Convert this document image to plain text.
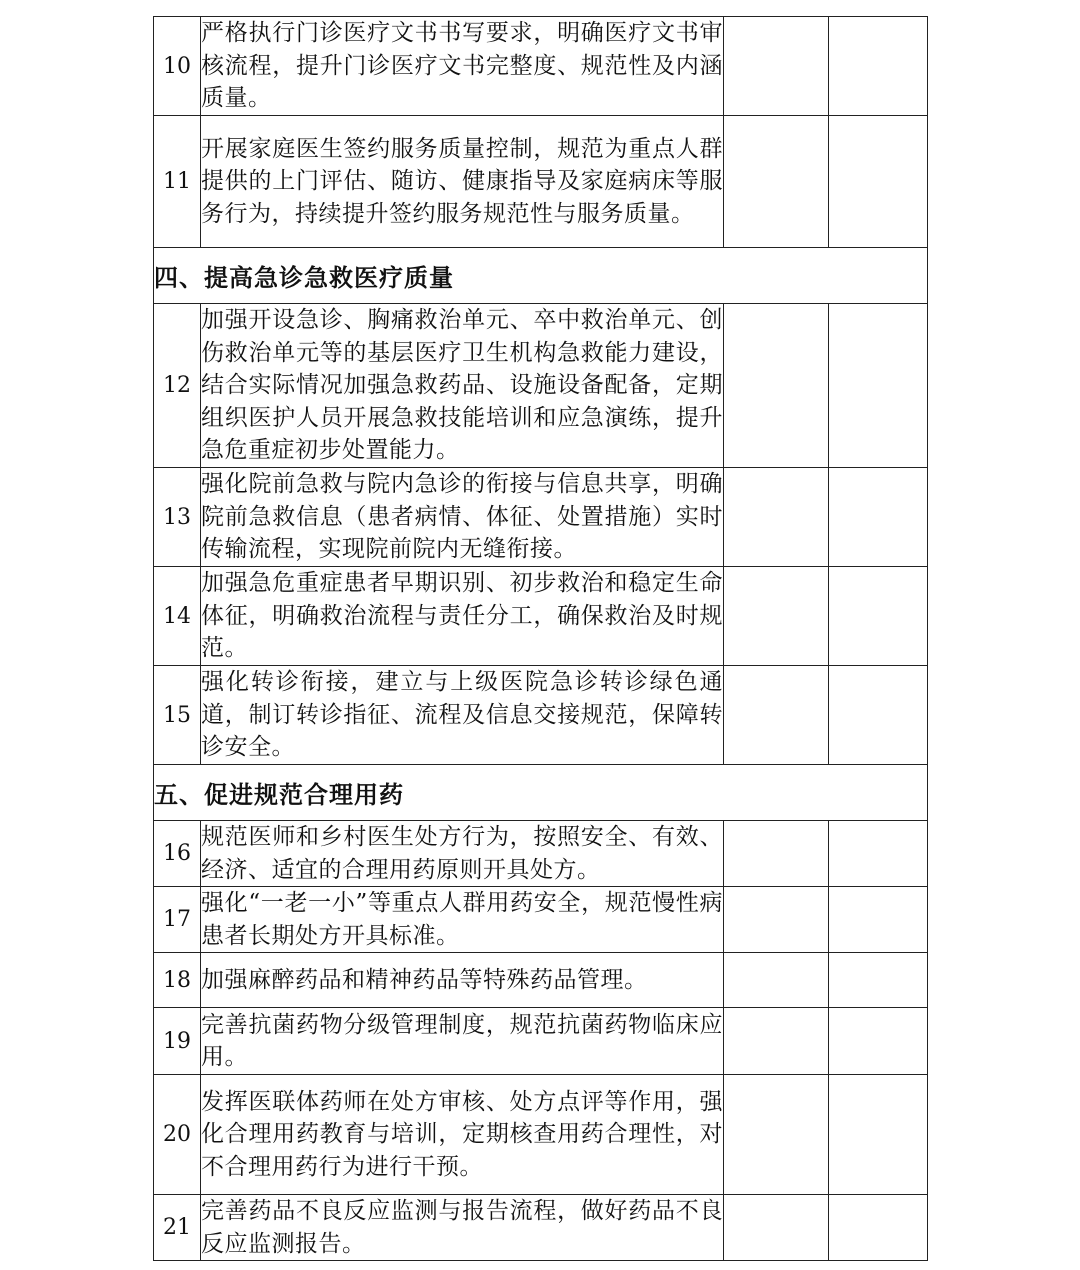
10	严格执行门诊医疗文书书写要求，明确医疗文书审核流程，提升门诊医疗文书完整度、规范性及内涵质量。		
11	开展家庭医生签约服务质量控制，规范为重点人群提供的上门评估、随访、健康指导及家庭病床等服务行为，持续提升签约服务规范性与服务质量。		
四、提高急诊急救医疗质量			
12	加强开设急诊、胸痛救治单元、卒中救治单元、创伤救治单元等的基层医疗卫生机构急救能力建设，结合实际情况加强急救药品、设施设备配备，定期组织医护人员开展急救技能培训和应急演练，提升急危重症初步处置能力。		
13	强化院前急救与院内急诊的衔接与信息共享，明确院前急救信息（患者病情、体征、处置措施）实时传输流程，实现院前院内无缝衔接。		
14	加强急危重症患者早期识别、初步救治和稳定生命体征，明确救治流程与责任分工，确保救治及时规范。		
15	强化转诊衔接，建立与上级医院急诊转诊绿色通道，制订转诊指征、流程及信息交接规范，保障转诊安全。		
五、促进规范合理用药			
16	规范医师和乡村医生处方行为，按照安全、有效、经济、适宜的合理用药原则开具处方。		
17	强化“一老一小”等重点人群用药安全，规范慢性病患者长期处方开具标准。		
18	加强麻醉药品和精神药品等特殊药品管理。		
19	完善抗菌药物分级管理制度，规范抗菌药物临床应用。		
20	发挥医联体药师在处方审核、处方点评等作用，强化合理用药教育与培训，定期核查用药合理性，对不合理用药行为进行干预。		
21	完善药品不良反应监测与报告流程，做好药品不良反应监测报告。		
